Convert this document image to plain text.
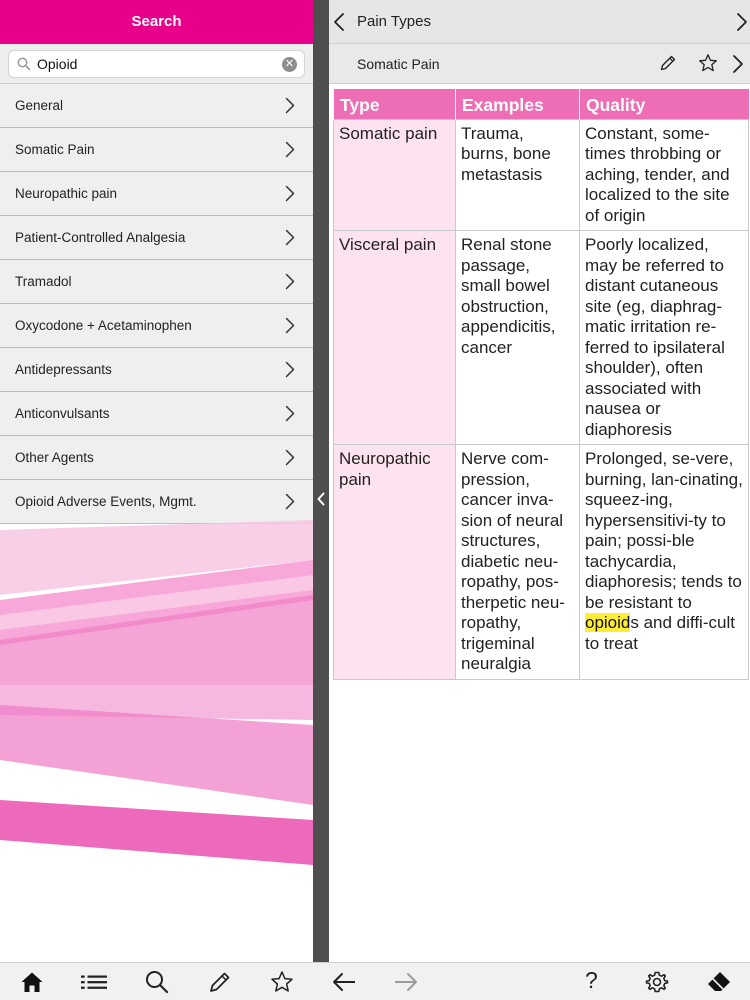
Search
Opioid
✕
General
Somatic Pain
Neuropathic pain
Patient-Controlled Analgesia
Tramadol
Oxycodone + Acetaminophen
Antidepressants
Anticonvulsants
Other Agents
Opioid Adverse Events, Mgmt.
Pain Types
Somatic Pain
Type	Examples	Quality
Somatic pain	Trauma, burns, bone metastasis	Constant, some-times throbbing or aching, tender, and localized to the site of origin
Visceral pain	Renal stone passage, small bowel obstruction, appendicitis, cancer	Poorly localized, may be referred to distant cutaneous site (eg, diaphrag-matic irritation re-ferred to ipsilateral shoulder), often associated with nausea or diaphoresis
Neuropathic pain	Nerve com-pression, cancer inva-sion of neural structures, diabetic neu-ropathy, pos-therpetic neu-ropathy, trigeminal neuralgia	Prolonged, se-vere, burning, lan-cinating, squeez-ing, hypersensitivi-ty to pain; possi-ble tachycardia, diaphoresis; tends to be resistant to opioids and diffi-cult to treat
?
